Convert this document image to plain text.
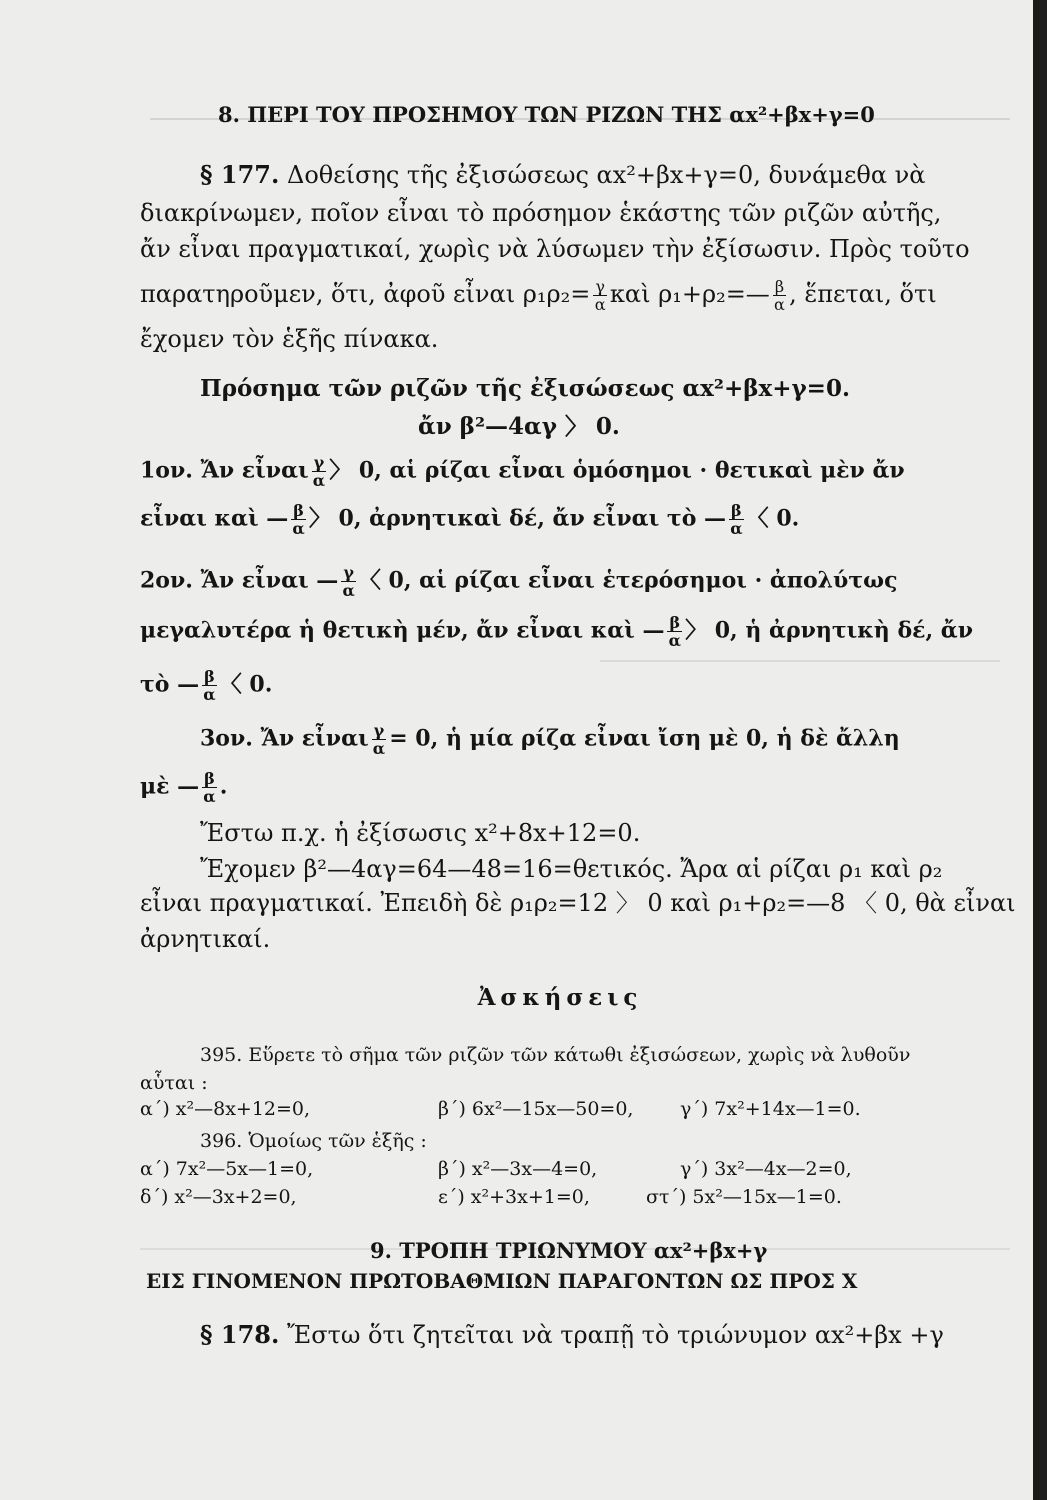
8. ΠΕΡΙ ΤΟΥ ΠΡΟΣΗΜΟΥ ΤΩΝ ΡΙΖΩΝ ΤΗΣ αx²+βx+γ=0
§ 177. Δοθείσης τῆς ἐξισώσεως αx²+βx+γ=0, δυνάμεθα νὰ
διακρίνωμεν, ποῖον εἶναι τὸ πρόσημον ἑκάστης τῶν ριζῶν αὐτῆς,
ἄν εἶναι πραγματικαί, χωρὶς νὰ λύσωμεν τὴν ἐξίσωσιν. Πρὸς τοῦτο
παρατηροῦμεν, ὅτι, ἀφοῦ εἶναι $\rho_1\rho_2= \frac{\gamma}{\alpha}$ καὶ ρ₁+ρ₂=— $\frac{\beta}{\alpha}$ , ἕπεται, ὅτι
ἔχομεν τὸν ἑξῆς πίνακα.
Πρόσημα τῶν ριζῶν τῆς ἐξισώσεως αx²+βx+γ=0.
ἄν β²—4αγ 〉 0.
1ον. Ἄν εἶναι $\frac{\gamma}{\alpha}$ 〉 0, αἱ ρίζαι εἶναι ὁμόσημοι · θετικαὶ μὲν ἄν
εἶναι καὶ — $\frac{\beta}{\alpha}$ 〉 0, ἀρνητικαὶ δέ, ἄν εἶναι τὸ — $\frac{\beta}{\alpha}$ 〈 0.
2ον. Ἄν εἶναι — $\frac{\gamma}{\alpha}$ 〈 0, αἱ ρίζαι εἶναι ἑτερόσημοι · ἀπολύτως
μεγαλυτέρα ἡ θετικὴ μέν, ἄν εἶναι καὶ — $\frac{\beta}{\alpha}$ 〉 0, ἡ ἀρνητικὴ δέ, ἄν
τὸ — $\frac{\beta}{\alpha}$ 〈 0.
3ον. Ἄν εἶναι $\frac{\gamma}{\alpha} = 0$, ἡ μία ρίζα εἶναι ἴση μὲ 0, ἡ δὲ ἄλλη
μὲ — $\frac{\beta}{\alpha}$ .
Ἔστω π.χ. ἡ ἐξίσωσις x²+8x+12=0.
Ἔχομεν β²—4αγ=64—48=16=θετικός. Ἄρα αἱ ρίζαι ρ₁ καὶ ρ₂
εἶναι πραγματικαί. Ἐπειδὴ δὲ ρ₁ρ₂=12 〉 0 καὶ ρ₁+ρ₂=—8 〈 0, θὰ εἶναι
ἀρνητικαί.
Ἀσκήσεις
395. Εὕρετε τὸ σῆμα τῶν ριζῶν τῶν κάτωθι ἐξισώσεων, χωρὶς νὰ λυθοῦν
αὗται :
α΄) x²—8x+12=0,	β΄) 6x²—15x—50=0, γ΄) 7x²+14x—1=0.
396. Ὁμοίως τῶν ἑξῆς :
α΄) 7x²—5x—1=0,	β΄) x²—3x—4=0,	γ΄) 3x²—4x—2=0,
δ΄) x²—3x+2=0,	ε΄) x²+3x+1=0,	στ΄) 5x²—15x—1=0.
9. ΤΡΟΠΗ ΤΡΙΩΝΥΜΟΥ αx²+βx+γ
ΕΙΣ ΓΙΝΟΜΕΝΟΝ ΠΡΩΤΟΒΑΘΜΙΩΝ ΠΑΡΑΓΟΝΤΩΝ ΩΣ ΠΡΟΣ X
§ 178. Ἔστω ὅτι ζητεῖται νὰ τραπῇ τὸ τριώνυμον αx²+βx +γ
